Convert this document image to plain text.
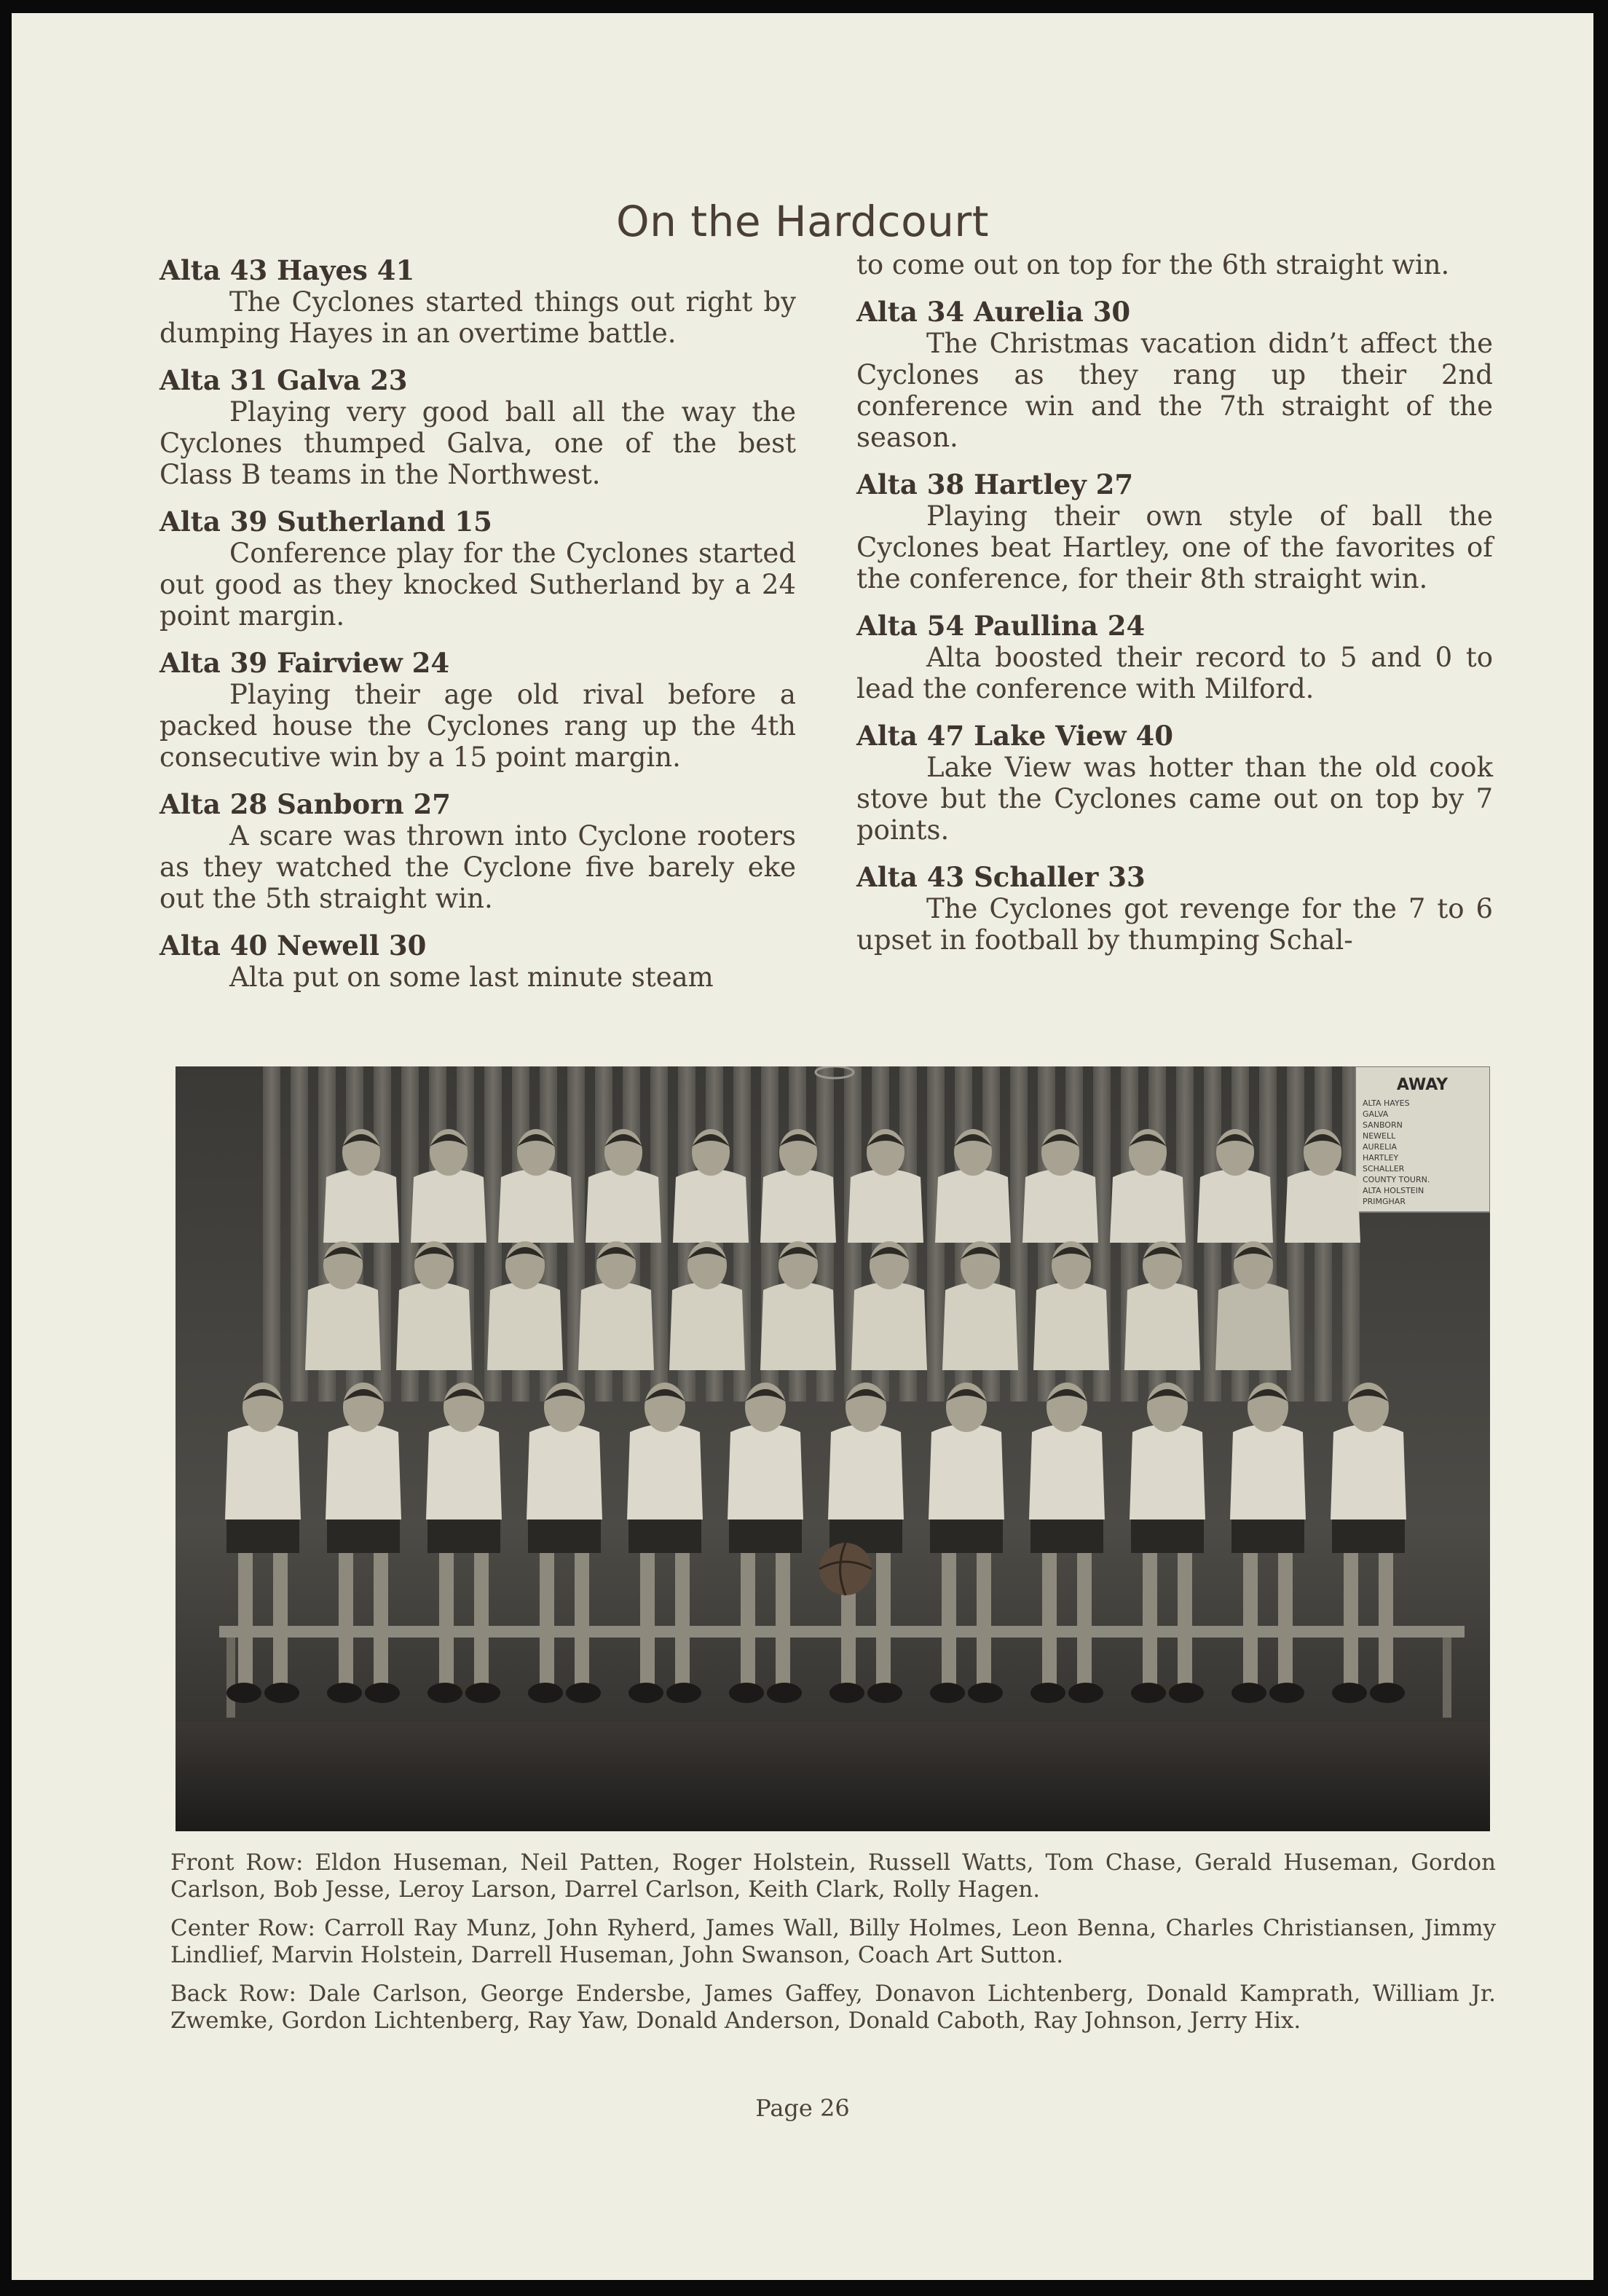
On the Hardcourt
Alta 43 Hayes 41
The Cyclones started things out right by dumping Hayes in an overtime battle.
Alta 31 Galva 23
Playing very good ball all the way the Cyclones thumped Galva, one of the best Class B teams in the Northwest.
Alta 39 Sutherland 15
Conference play for the Cyclones started out good as they knocked Sutherland by a 24 point margin.
Alta 39 Fairview 24
Playing their age old rival before a packed house the Cyclones rang up the 4th consecutive win by a 15 point margin.
Alta 28 Sanborn 27
A scare was thrown into Cyclone rooters as they watched the Cyclone five barely eke out the 5th straight win.
Alta 40 Newell 30
Alta put on some last minute steam
to come out on top for the 6th straight win.
Alta 34 Aurelia 30
The Christmas vacation didn’t affect the Cyclones as they rang up their 2nd conference win and the 7th straight of the season.
Alta 38 Hartley 27
Playing their own style of ball the Cyclones beat Hartley, one of the favorites of the conference, for their 8th straight win.
Alta 54 Paullina 24
Alta boosted their record to 5 and 0 to lead the conference with Milford.
Alta 47 Lake View 40
Lake View was hotter than the old cook stove but the Cyclones came out on top by 7 points.
Alta 43 Schaller 33
The Cyclones got revenge for the 7 to 6 upset in football by thumping Schal-
AWAY
ALTA HAYES
GALVA
SANBORN
NEWELL
AURELIA
HARTLEY
SCHALLER
COUNTY TOURN.
ALTA HOLSTEIN
PRIMGHAR

Front Row: Eldon Huseman, Neil Patten, Roger Holstein, Russell Watts, Tom Chase, Gerald Huseman, Gordon Carlson, Bob Jesse, Leroy Larson, Darrel Carlson, Keith Clark, Rolly Hagen.

Center Row: Carroll Ray Munz, John Ryherd, James Wall, Billy Holmes, Leon Benna, Charles Christiansen, Jimmy Lindlief, Marvin Holstein, Darrell Huseman, John Swanson, Coach Art Sutton.

Back Row: Dale Carlson, George Endersbe, James Gaffey, Donavon Lichtenberg, Donald Kamprath, William Jr. Zwemke, Gordon Lichtenberg, Ray Yaw, Donald Anderson, Donald Caboth, Ray Johnson, Jerry Hix.

Page 26
